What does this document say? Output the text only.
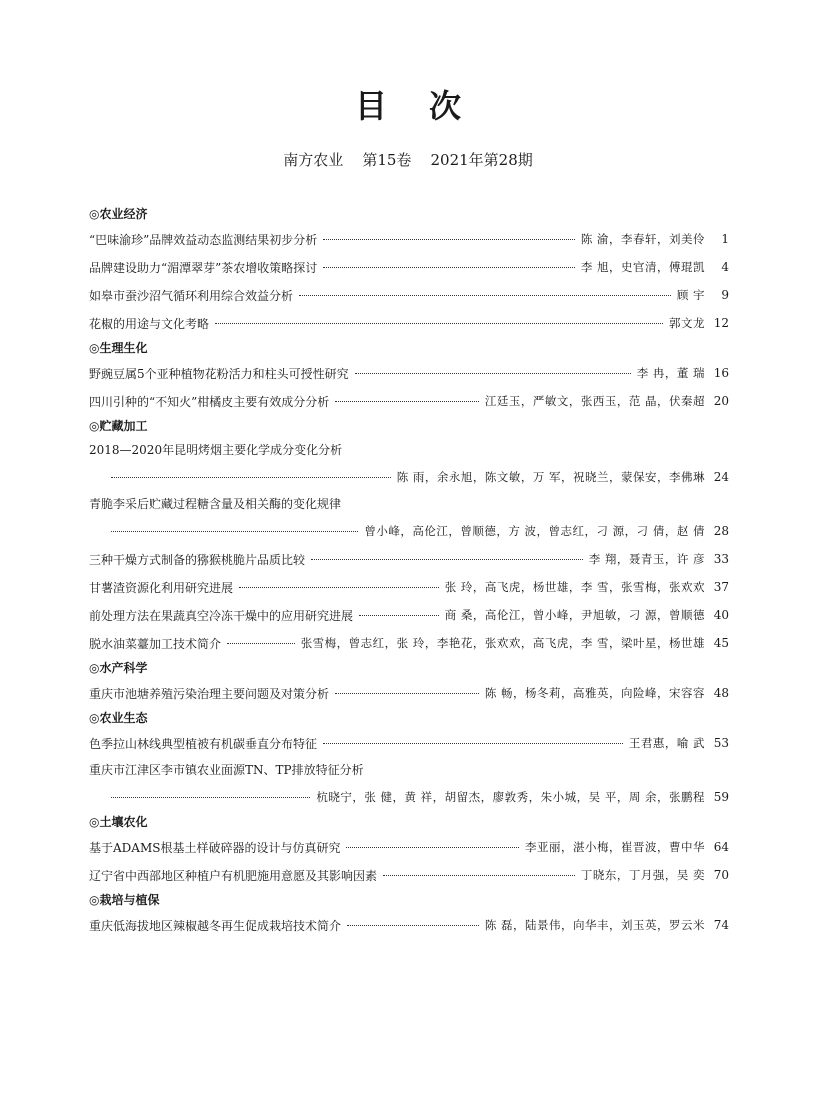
目次
南方农业    第15卷    2021年第28期
◎农业经济
“巴味渝珍”品牌效益动态监测结果初步分析	陈 渝，李春轩，刘美伶	1
品牌建设助力“湄潭翠芽”茶农增收策略探讨	李 旭，史官清，傅琨凯	4
如皋市蚕沙沼气循环利用综合效益分析	顾 宇	9
花椒的用途与文化考略	郭文龙 12
◎生理生化
野豌豆属5个亚种植物花粉活力和柱头可授性研究	李 冉，董 瑞 16
四川引种的“不知火”柑橘皮主要有效成分分析	江廷玉，严敏文，张西玉，范 晶，伏秦超 20
◎贮藏加工
2018—2020年昆明烤烟主要化学成分变化分析
陈 雨，余永旭，陈文敏，万 军，祝晓兰，蒙保安，李佛琳 24
青脆李采后贮藏过程糖含量及相关酶的变化规律
曾小峰，高伦江，曾顺德，方 波，曾志红，刁 源，刁 倩，赵 倩 28
三种干燥方式制备的猕猴桃脆片品质比较	李 翔，聂青玉，许 彦 33
甘薯渣资源化利用研究进展	张 玲，高飞虎，杨世雄，李 雪，张雪梅，张欢欢 37
前处理方法在果蔬真空冷冻干燥中的应用研究进展	商 桑，高伦江，曾小峰，尹旭敏，刁 源，曾顺德 40
脱水油菜薹加工技术简介	张雪梅，曾志红，张 玲，李艳花，张欢欢，高飞虎，李 雪，梁叶星，杨世雄 45
◎水产科学
重庆市池塘养殖污染治理主要问题及对策分析	陈 畅，杨冬莉，高雅英，向险峰，宋容容 48
◎农业生态
色季拉山林线典型植被有机碳垂直分布特征	王君惠，喻 武 53
重庆市江津区李市镇农业面源TN、TP排放特征分析
杭晓宁，张 健，黄 祥，胡留杰，廖敦秀，朱小城，吴 平，周 余，张鹏程 59
◎土壤农化
基于ADAMS根基土样破碎器的设计与仿真研究	李亚丽，湛小梅，崔晋波，曹中华 64
辽宁省中西部地区种植户有机肥施用意愿及其影响因素	丁晓东，丁月强，吴 奕 70
◎栽培与植保
重庆低海拔地区辣椒越冬再生促成栽培技术简介	陈 磊，陆景伟，向华丰，刘玉英，罗云米 74
